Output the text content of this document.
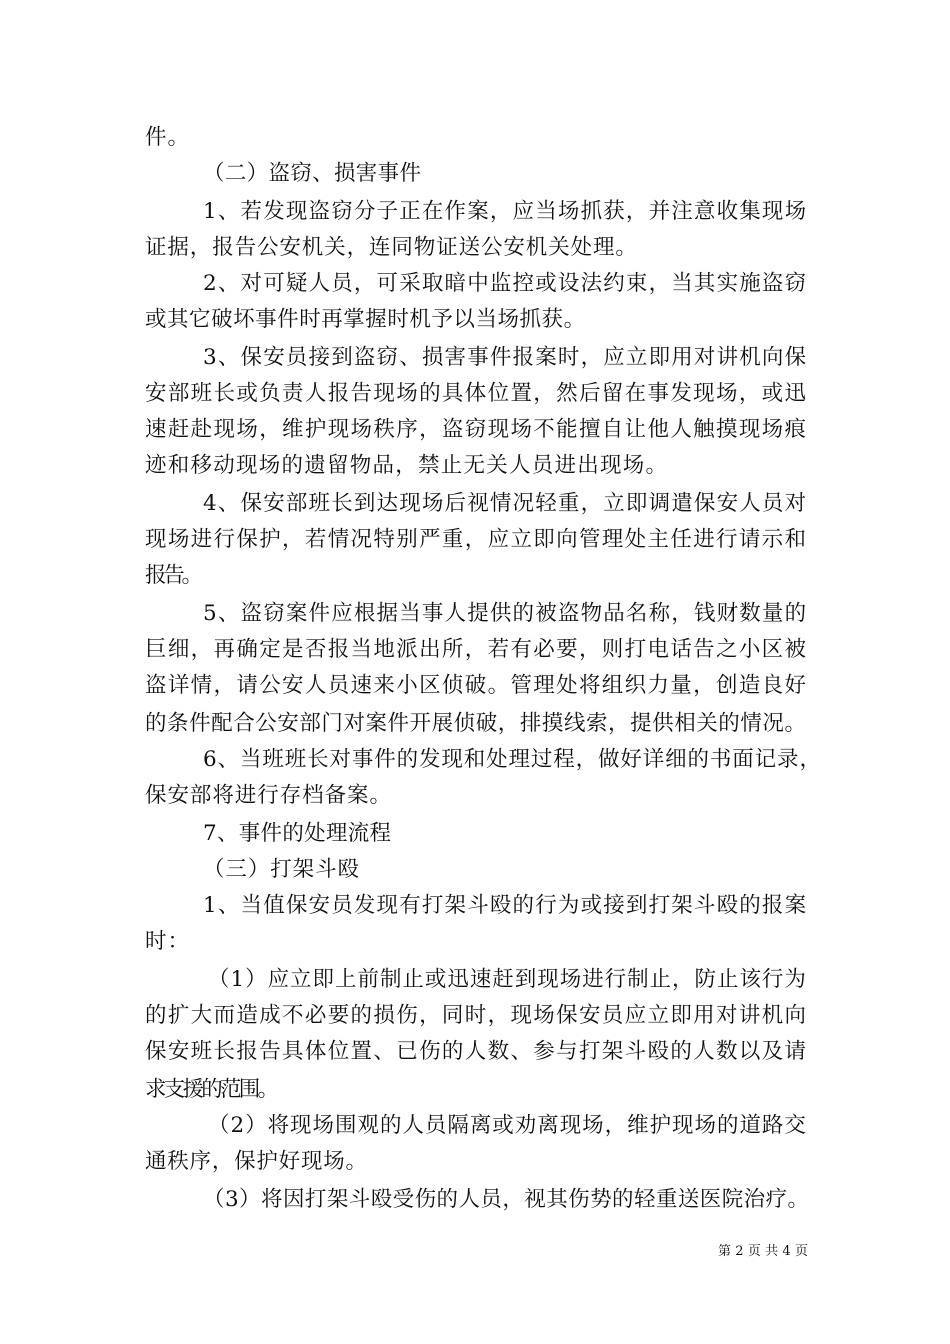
件。
（二）盗窃、损害事件
1、若发现盗窃分子正在作案，应当场抓获，并注意收集现场
证据，报告公安机关，连同物证送公安机关处理。
2、对可疑人员，可采取暗中监控或设法约束，当其实施盗窃
或其它破坏事件时再掌握时机予以当场抓获。
3、保安员接到盗窃、损害事件报案时，应立即用对讲机向保
安部班长或负责人报告现场的具体位置，然后留在事发现场，或迅
速赶赴现场，维护现场秩序，盗窃现场不能擅自让他人触摸现场痕
迹和移动现场的遗留物品，禁止无关人员进出现场。
4、保安部班长到达现场后视情况轻重，立即调遣保安人员对
现场进行保护，若情况特别严重，应立即向管理处主任进行请示和
报告。
5、盗窃案件应根据当事人提供的被盗物品名称，钱财数量的
巨细，再确定是否报当地派出所，若有必要，则打电话告之小区被
盗详情，请公安人员速来小区侦破。管理处将组织力量，创造良好
的条件配合公安部门对案件开展侦破，排摸线索，提供相关的情况。
6、当班班长对事件的发现和处理过程，做好详细的书面记录，
保安部将进行存档备案。
7、事件的处理流程
（三）打架斗殴
1、当值保安员发现有打架斗殴的行为或接到打架斗殴的报案
时：
（1）应立即上前制止或迅速赶到现场进行制止，防止该行为
的扩大而造成不必要的损伤，同时，现场保安员应立即用对讲机向
保安班长报告具体位置、已伤的人数、参与打架斗殴的人数以及请
求支援的范围。
（2）将现场围观的人员隔离或劝离现场，维护现场的道路交
通秩序，保护好现场。
（3）将因打架斗殴受伤的人员，视其伤势的轻重送医院治疗。
第2页共4页
